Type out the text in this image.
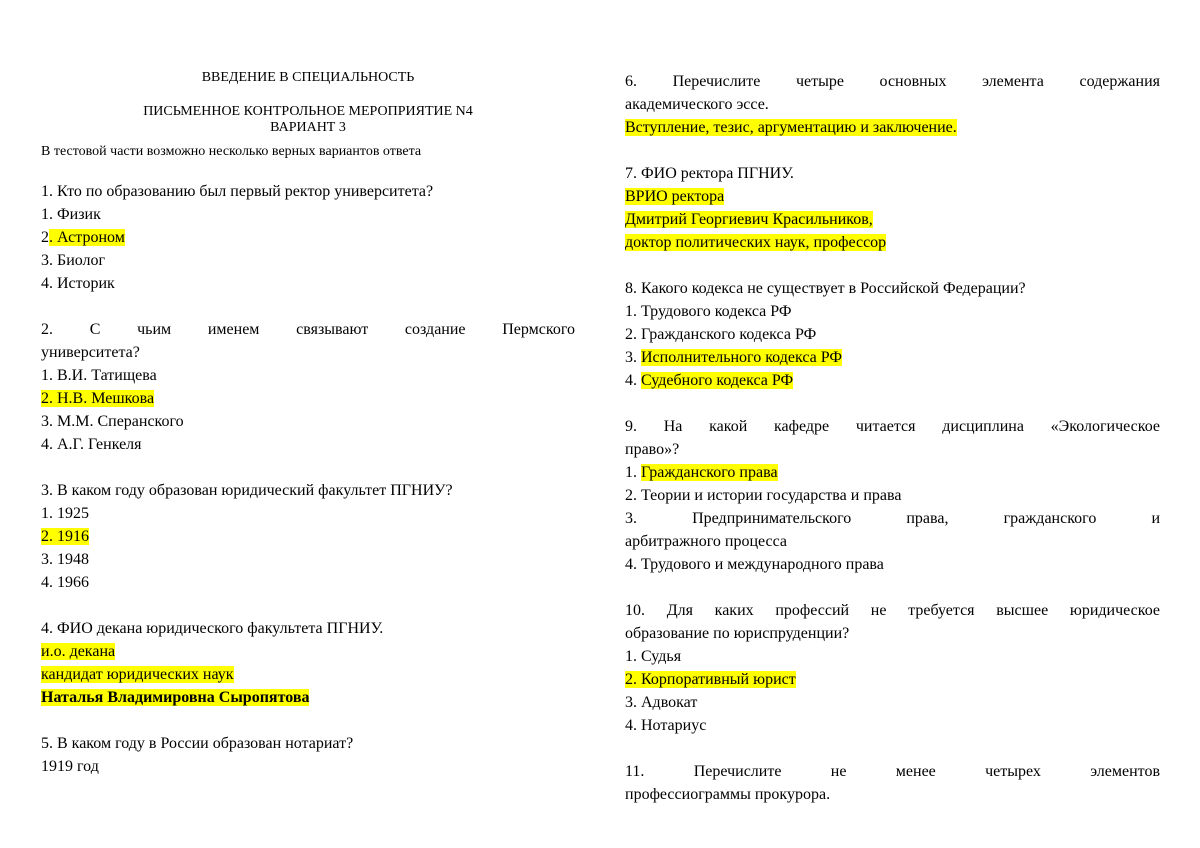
ВВЕДЕНИЕ В СПЕЦИАЛЬНОСТЬ
ПИСЬМЕННОЕ КОНТРОЛЬНОЕ МЕРОПРИЯТИЕ N4
ВАРИАНТ 3
В тестовой части возможно несколько верных вариантов ответа
1. Кто по образованию был первый ректор университета?
1. Физик
2. Астроном
3. Биолог
4. Историк
2. С чьим именем связывают создание Пермского
университета?
1. В.И. Татищева
2. Н.В. Мешкова
3. М.М. Сперанского
4. А.Г. Генкеля
3. В каком году образован юридический факультет ПГНИУ?
1. 1925
2. 1916
3. 1948
4. 1966
4. ФИО декана юридического факультета ПГНИУ.
и.о. декана
кандидат юридических наук
Наталья Владимировна Сыропятова
5. В каком году в России образован нотариат?
1919 год
6. Перечислите четыре основных элемента содержания
академического эссе.
Вступление, тезис, аргументацию и заключение.
7. ФИО ректора ПГНИУ.
ВРИО ректора
Дмитрий Георгиевич Красильников,
доктор политических наук, профессор
8. Какого кодекса не существует в Российской Федерации?
1. Трудового кодекса РФ
2. Гражданского кодекса РФ
3. Исполнительного кодекса РФ
4. Судебного кодекса РФ
9. На какой кафедре читается дисциплина «Экологическое
право»?
1. Гражданского права
2. Теории и истории государства и права
3. Предпринимательского права, гражданского и
арбитражного процесса
4. Трудового и международного права
10. Для каких профессий не требуется высшее юридическое
образование по юриспруденции?
1. Судья
2. Корпоративный юрист
3. Адвокат
4. Нотариус
11. Перечислите не менее четырех элементов
профессиограммы прокурора.
